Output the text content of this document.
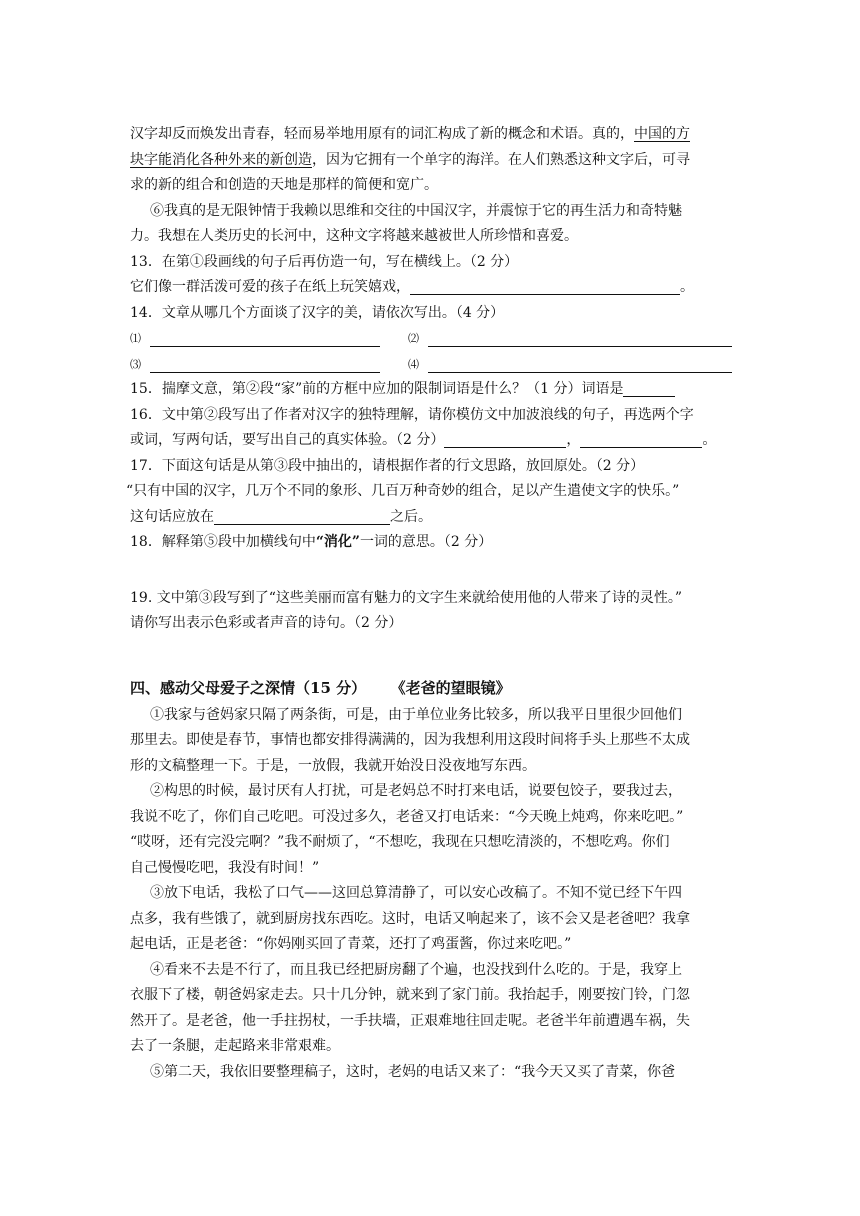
汉字却反而焕发出青春，轻而易举地用原有的词汇构成了新的概念和术语。真的，中国的方
块字能消化各种外来的新创造，因为它拥有一个单字的海洋。在人们熟悉这种文字后，可寻
求的新的组合和创造的天地是那样的简便和宽广。
⑥我真的是无限钟情于我赖以思维和交往的中国汉字，并震惊于它的再生活力和奇特魅
力。我想在人类历史的长河中，这种文字将越来越被世人所珍惜和喜爱。
13．在第①段画线的句子后再仿造一句，写在横线上。（2 分）
它们像一群活泼可爱的孩子在纸上玩笑嬉戏，	。
14．文章从哪几个方面谈了汉字的美，请依次写出。（4 分）
⑴	⑵
⑶	⑷
15．揣摩文意，第②段“家”前的方框中应加的限制词语是什么？（1 分）词语是
16．文中第②段写出了作者对汉字的独特理解，请你模仿文中加波浪线的句子，再选两个字
或词，写两句话，要写出自己的真实体验。（2 分）	，	。
17．下面这句话是从第③段中抽出的，请根据作者的行文思路，放回原处。（2 分）
“只有中国的汉字，几万个不同的象形、几百万种奇妙的组合，足以产生遣使文字的快乐。”
这句话应放在	之后。
18．解释第⑤段中加横线句中“消化”一词的意思。（2 分）
19. 文中第③段写到了“这些美丽而富有魅力的文字生来就给使用他的人带来了诗的灵性。”
请你写出表示色彩或者声音的诗句。（2 分）
四、感动父母爱子之深情（15 分） 《老爸的望眼镜》
①我家与爸妈家只隔了两条街，可是，由于单位业务比较多，所以我平日里很少回他们
那里去。即使是春节，事情也都安排得满满的，因为我想利用这段时间将手头上那些不太成
形的文稿整理一下。于是，一放假，我就开始没日没夜地写东西。
②构思的时候，最讨厌有人打扰，可是老妈总不时打来电话，说要包饺子，要我过去，
我说不吃了，你们自己吃吧。可没过多久，老爸又打电话来：“今天晚上炖鸡，你来吃吧。”
“哎呀，还有完没完啊？”我不耐烦了，“不想吃，我现在只想吃清淡的，不想吃鸡。你们
自己慢慢吃吧，我没有时间！”
③放下电话，我松了口气——这回总算清静了，可以安心改稿了。不知不觉已经下午四
点多，我有些饿了，就到厨房找东西吃。这时，电话又响起来了，该不会又是老爸吧？我拿
起电话，正是老爸：“你妈刚买回了青菜，还打了鸡蛋酱，你过来吃吧。”
④看来不去是不行了，而且我已经把厨房翻了个遍，也没找到什么吃的。于是，我穿上
衣服下了楼，朝爸妈家走去。只十几分钟，就来到了家门前。我抬起手，刚要按门铃，门忽
然开了。是老爸，他一手拄拐杖，一手扶墙，正艰难地往回走呢。老爸半年前遭遇车祸，失
去了一条腿，走起路来非常艰难。
⑤第二天，我依旧要整理稿子，这时，老妈的电话又来了：“我今天又买了青菜，你爸
